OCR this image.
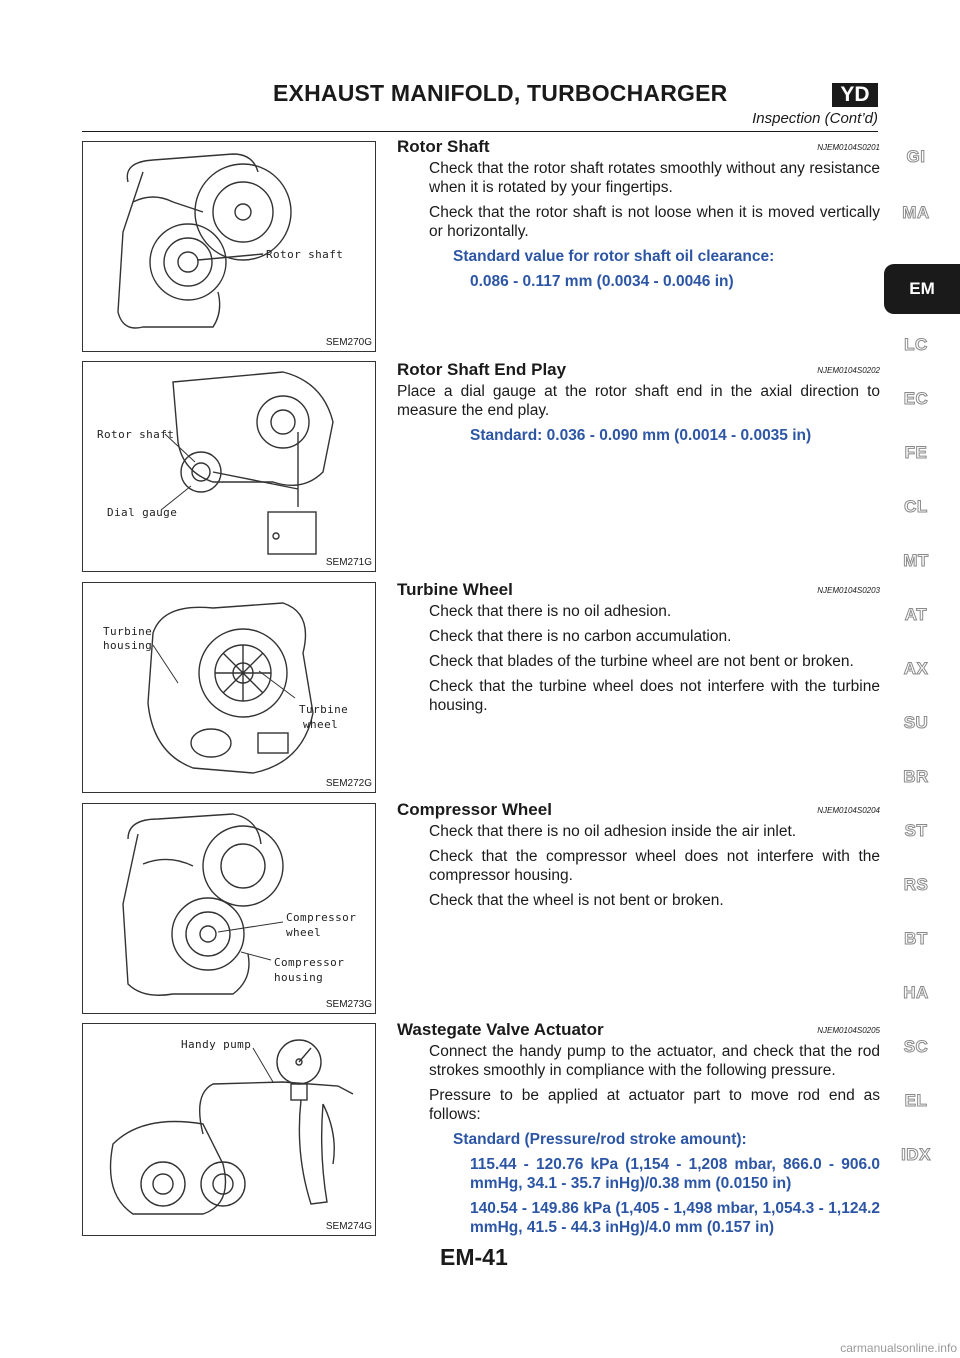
EXHAUST MANIFOLD, TURBOCHARGER	YD
Inspection (Cont’d)
Rotor shaft
SEM270G
Rotor shaft
Dial gauge
SEM271G
Turbine
housing
Turbine
wheel
SEM272G
Compressor
wheel
Compressor
housing
SEM273G
Handy pump
SEM274G
Rotor Shaft	NJEM0104S0201

Check that the rotor shaft rotates smoothly without any resistance when it is rotated by your fingertips.

Check that the rotor shaft is not loose when it is moved vertically or horizontally.

Standard value for rotor shaft oil clearance:

0.086 - 0.117 mm (0.0034 - 0.0046 in)

Rotor Shaft End Play	NJEM0104S0202

Place a dial gauge at the rotor shaft end in the axial direction to measure the end play.

Standard: 0.036 - 0.090 mm (0.0014 - 0.0035 in)

Turbine Wheel	NJEM0104S0203

Check that there is no oil adhesion.

Check that there is no carbon accumulation.

Check that blades of the turbine wheel are not bent or broken.

Check that the turbine wheel does not interfere with the turbine housing.

Compressor Wheel	NJEM0104S0204

Check that there is no oil adhesion inside the air inlet.

Check that the compressor wheel does not interfere with the compressor housing.

Check that the wheel is not bent or broken.

Wastegate Valve Actuator	NJEM0104S0205

Connect the handy pump to the actuator, and check that the rod strokes smoothly in compliance with the following pressure.

Pressure to be applied at actuator part to move rod end as follows:

Standard (Pressure/rod stroke amount):

115.44 - 120.76 kPa (1,154 - 1,208 mbar, 866.0 - 906.0 mmHg, 34.1 - 35.7 inHg)/0.38 mm (0.0150 in)

140.54 - 149.86 kPa (1,405 - 1,498 mbar, 1,054.3 - 1,124.2 mmHg, 41.5 - 44.3 inHg)/4.0 mm (0.157 in)

GI
MA
EM
LC
EC
FE
CL
MT
AT
AX
SU
BR
ST
RS
BT
HA
SC
EL
IDX
EM-41
carmanualsonline.info
